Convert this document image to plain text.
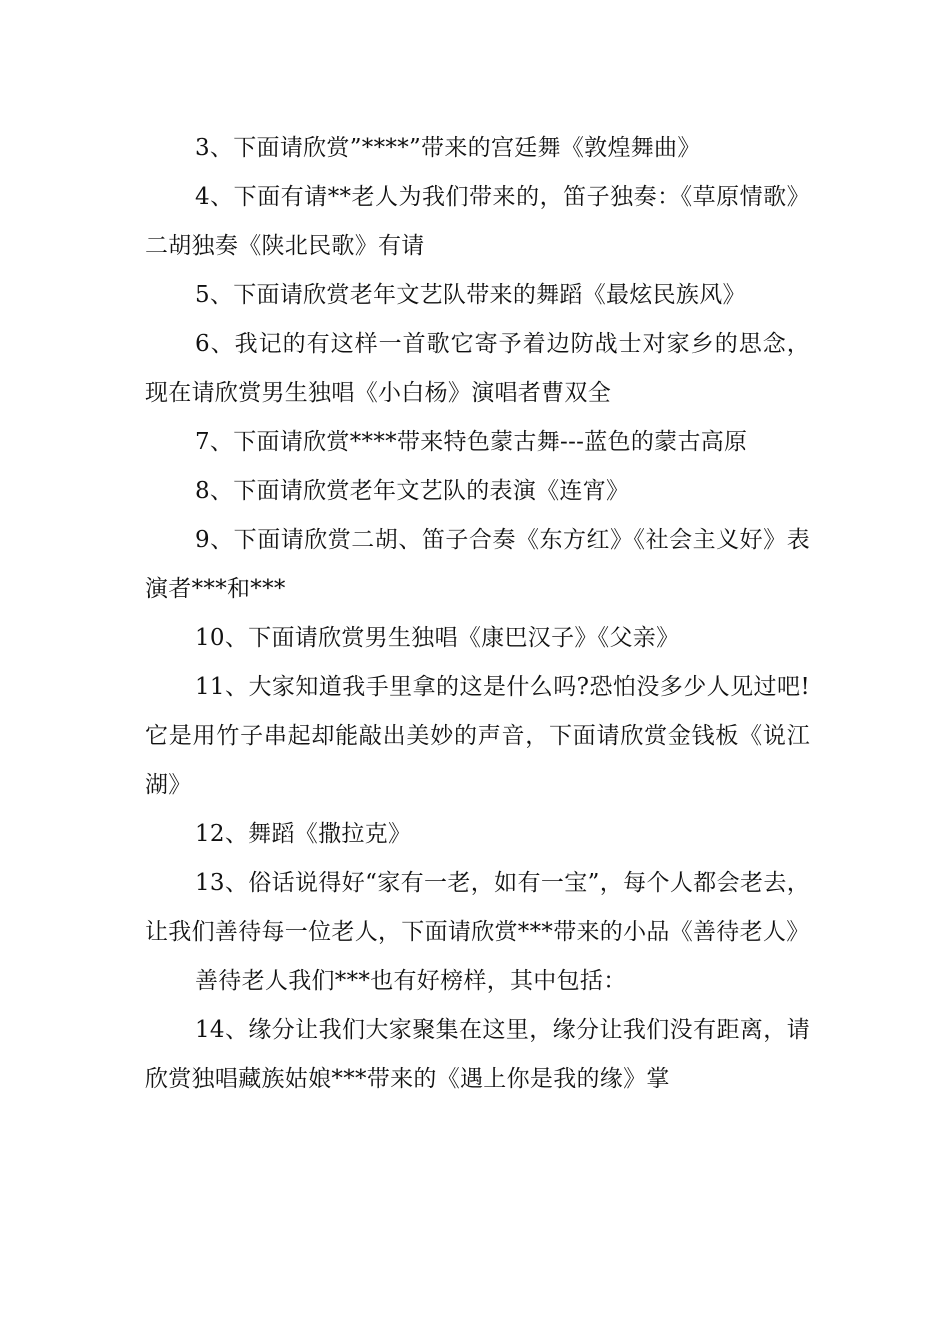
3、下面请欣赏”****”带来的宫廷舞《敦煌舞曲》

4、下面有请**老人为我们带来的，笛子独奏：《草原情歌》二胡独奏《陕北民歌》有请

5、下面请欣赏老年文艺队带来的舞蹈《最炫民族风》

6、我记的有这样一首歌它寄予着边防战士对家乡的思念，现在请欣赏男生独唱《小白杨》演唱者曹双全

7、下面请欣赏****带来特色蒙古舞---蓝色的蒙古高原

8、下面请欣赏老年文艺队的表演《连宵》

9、下面请欣赏二胡、笛子合奏《东方红》《社会主义好》表演者***和***

10、下面请欣赏男生独唱《康巴汉子》《父亲》

11、大家知道我手里拿的这是什么吗?恐怕没多少人见过吧!它是用竹子串起却能敲出美妙的声音，下面请欣赏金钱板《说江湖》

12、舞蹈《撒拉克》

13、俗话说得好“家有一老，如有一宝”，每个人都会老去，让我们善待每一位老人，下面请欣赏***带来的小品《善待老人》

善待老人我们***也有好榜样，其中包括：

14、缘分让我们大家聚集在这里，缘分让我们没有距离，请欣赏独唱藏族姑娘***带来的《遇上你是我的缘》掌
